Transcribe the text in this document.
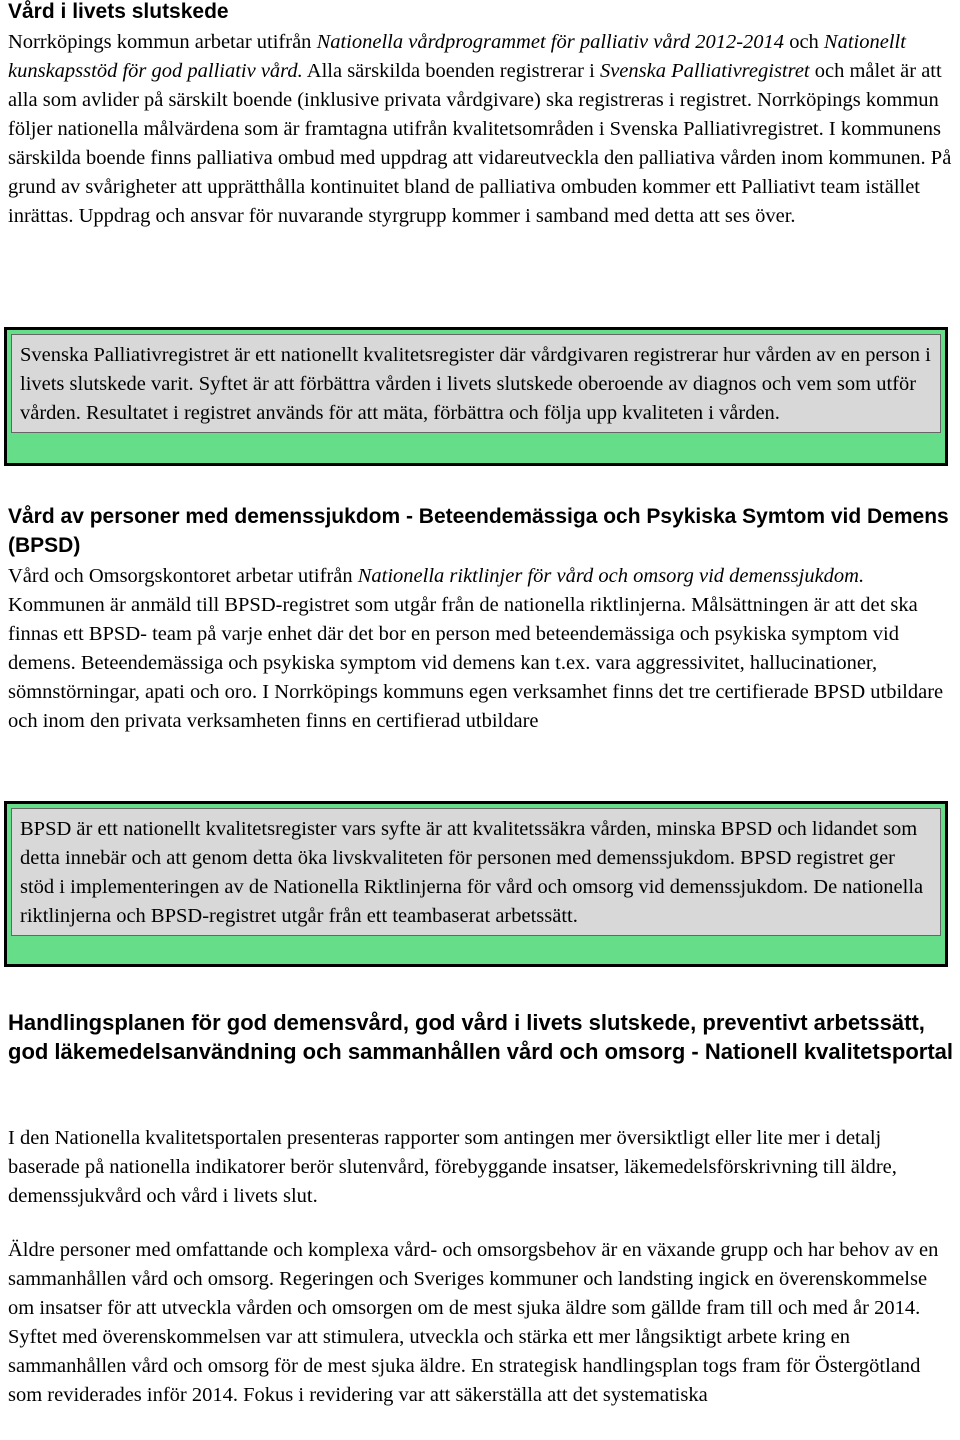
Vård i livets slutskede

Norrköpings kommun arbetar utifrån Nationella vårdprogrammet för palliativ vård 2012-2014 och Nationellt kunskapsstöd för god palliativ vård. Alla särskilda boenden registrerar i Svenska Palliativregistret och målet är att alla som avlider på särskilt boende (inklusive privata vårdgivare) ska registreras i registret. Norrköpings kommun följer nationella målvärdena som är framtagna utifrån kvalitetsområden i Svenska Palliativregistret. I kommunens särskilda boende finns palliativa ombud med uppdrag att vidareutveckla den palliativa vården inom kommunen. På grund av svårigheter att upprätthålla kontinuitet bland de palliativa ombuden kommer ett Palliativt team istället inrättas. Uppdrag och ansvar för nuvarande styrgrupp kommer i samband med detta att ses över.

Svenska Palliativregistret är ett nationellt kvalitetsregister där vårdgivaren registrerar hur vården av en person i livets slutskede varit. Syftet är att förbättra vården i livets slutskede oberoende av diagnos och vem som utför vården. Resultatet i registret används för att mäta, förbättra och följa upp kvaliteten i vården.

Vård av personer med demenssjukdom - Beteendemässiga och Psykiska Symtom vid Demens (BPSD)

Vård och Omsorgskontoret arbetar utifrån Nationella riktlinjer för vård och omsorg vid demenssjukdom. Kommunen är anmäld till BPSD-registret som utgår från de nationella riktlinjerna. Målsättningen är att det ska finnas ett BPSD- team på varje enhet där det bor en person med beteendemässiga och psykiska symptom vid demens. Beteendemässiga och psykiska symptom vid demens kan t.ex. vara aggressivitet, hallucinationer, sömnstörningar, apati och oro. I Norrköpings kommuns egen verksamhet finns det tre certifierade BPSD utbildare och inom den privata verksamheten finns en certifierad utbildare

BPSD är ett nationellt kvalitetsregister vars syfte är att kvalitetssäkra vården, minska BPSD och lidandet som detta innebär och att genom detta öka livskvaliteten för personen med demenssjukdom. BPSD registret ger stöd i implementeringen av de Nationella Riktlinjerna för vård och omsorg vid demenssjukdom. De nationella riktlinjerna och BPSD-registret utgår från ett teambaserat arbetssätt.

Handlingsplanen för god demensvård, god vård i livets slutskede, preventivt arbetssätt, god läkemedelsanvändning och sammanhållen vård och omsorg - Nationell kvalitetsportal

I den Nationella kvalitetsportalen presenteras rapporter som antingen mer översiktligt eller lite mer i detalj baserade på nationella indikatorer berör slutenvård, förebyggande insatser, läkemedelsförskrivning till äldre, demenssjukvård och vård i livets slut.

Äldre personer med omfattande och komplexa vård- och omsorgsbehov är en växande grupp och har behov av en sammanhållen vård och omsorg. Regeringen och Sveriges kommuner och landsting ingick en överenskommelse om insatser för att utveckla vården och omsorgen om de mest sjuka äldre som gällde fram till och med år 2014. Syftet med överenskommelsen var att stimulera, utveckla och stärka ett mer långsiktigt arbete kring en sammanhållen vård och omsorg för de mest sjuka äldre. En strategisk handlingsplan togs fram för Östergötland som reviderades inför 2014. Fokus i revidering var att säkerställa att det systematiska
